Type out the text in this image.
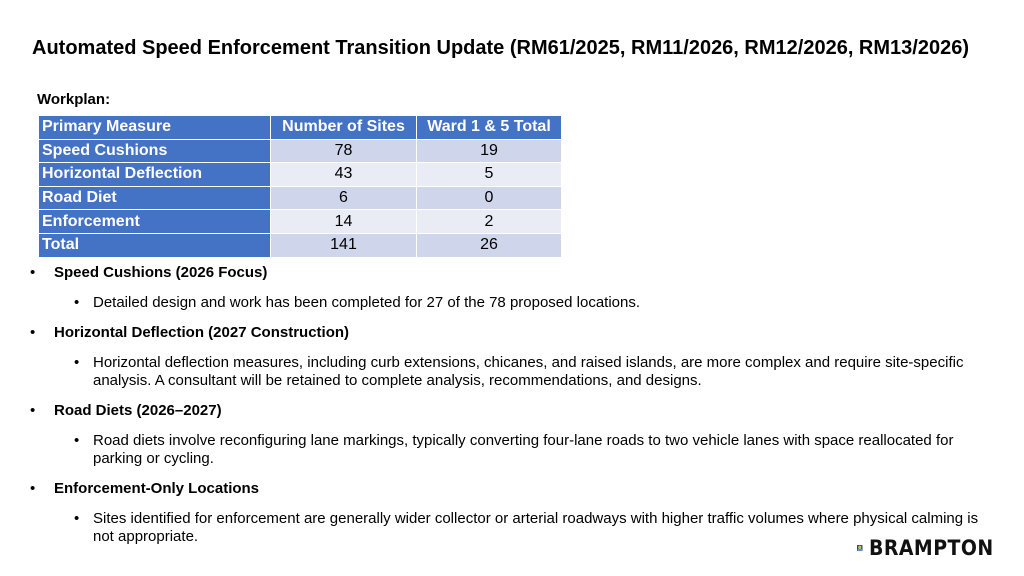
Automated Speed Enforcement Transition Update (RM61/2025, RM11/2026, RM12/2026, RM13/2026)
Workplan:
Primary Measure	Number of Sites	Ward 1 & 5 Total
Speed Cushions	78	19
Horizontal Deflection	43	5
Road Diet	6	0
Enforcement	14	2
Total	141	26
• Speed Cushions (2026 Focus)
• Detailed design and work has been completed for 27 of the 78 proposed locations.
• Horizontal Deflection (2027 Construction)
• Horizontal deflection measures, including curb extensions, chicanes, and raised islands, are more complex and require site-specific analysis. A consultant will be retained to complete analysis, recommendations, and designs.
• Road Diets (2026–2027)
• Road diets involve reconfiguring lane markings, typically converting four-lane roads to two vehicle lanes with space reallocated for parking or cycling.
• Enforcement-Only Locations
• Sites identified for enforcement are generally wider collector or arterial roadways with higher traffic volumes where physical calming is not appropriate.	BRAMPTON
